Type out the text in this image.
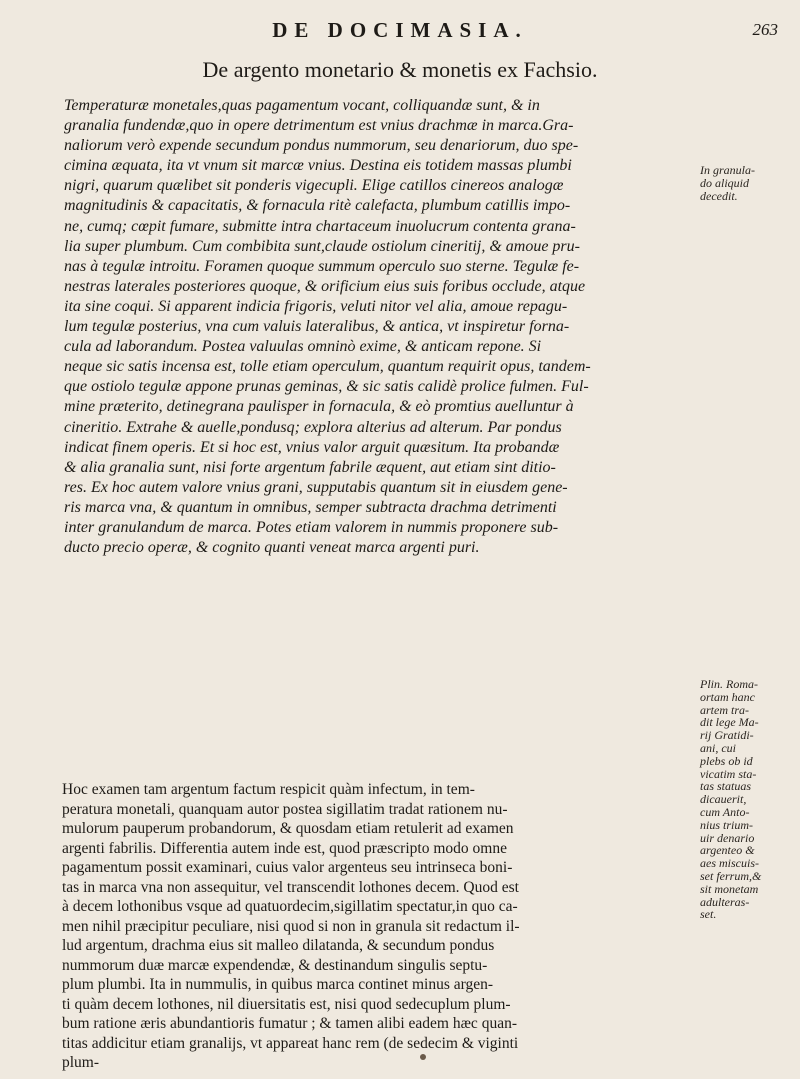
DE DOCIMASIA.	263
De argento monetario & monetis ex Fachsio.
Temperaturæ monetales,quas pagamentum vocant, colliquandæ sunt, & in
granalia fundendæ,quo in opere detrimentum est vnius drachmæ in marca.Gra-
naliorum verò expende secundum pondus nummorum, seu denariorum, duo spe-
cimina æquata, ita vt vnum sit marcæ vnius. Destina eis totidem massas plumbi
nigri, quarum quælibet sit ponderis vigecupli. Elige catillos cinereos analogæ
magnitudinis & capacitatis, & fornacula ritè calefacta, plumbum catillis impo-
ne, cumq; cœpit fumare, submitte intra chartaceum inuolucrum contenta grana-
lia super plumbum. Cum combibita sunt,claude ostiolum cineritij, & amoue pru-
nas à tegulæ introitu. Foramen quoque summum operculo suo sterne. Tegulæ fe-
nestras laterales posteriores quoque, & orificium eius suis foribus occlude, atque
ita sine coqui. Si apparent indicia frigoris, veluti nitor vel alia, amoue repagu-
lum tegulæ posterius, vna cum valuis lateralibus, & antica, vt inspiretur forna-
cula ad laborandum. Postea valuulas omninò exime, & anticam repone. Si
neque sic satis incensa est, tolle etiam operculum, quantum requirit opus, tandem-
que ostiolo tegulæ appone prunas geminas, & sic satis calidè prolice fulmen. Ful-
mine præterito, detinegrana paulisper in fornacula, & eò promtius auelluntur à
cineritio. Extrahe & auelle,pondusq; explora alterius ad alterum. Par pondus
indicat finem operis. Et si hoc est, vnius valor arguit quæsitum. Ita probandæ
& alia granalia sunt, nisi forte argentum fabrile æquent, aut etiam sint ditio-
res. Ex hoc autem valore vnius grani, supputabis quantum sit in eiusdem gene-
ris marca vna, & quantum in omnibus, semper subtracta drachma detrimenti
inter granulandum de marca. Potes etiam valorem in nummis proponere sub-
ducto precio operæ, & cognito quanti veneat marca argenti puri.
Hoc examen tam argentum factum respicit quàm infectum, in tem-
peratura monetali, quanquam autor postea sigillatim tradat rationem nu-
mulorum pauperum probandorum, & quosdam etiam retulerit ad examen
argenti fabrilis. Differentia autem inde est, quod præscripto modo omne
pagamentum possit examinari, cuius valor argenteus seu intrinseca boni-
tas in marca vna non assequitur, vel transcendit lothones decem. Quod est
à decem lothonibus vsque ad quatuordecim,sigillatim spectatur,in quo ca-
men nihil præcipitur peculiare, nisi quod si non in granula sit redactum il-
lud argentum, drachma eius sit malleo dilatanda, & secundum pondus
nummorum duæ marcæ expendendæ, & destinandum singulis septu-
plum plumbi. Ita in nummulis, in quibus marca continet minus argen-
ti quàm decem lothones, nil diuersitatis est, nisi quod sedecuplum plum-
bum ratione æris abundantioris fumatur ; & tamen alibi eadem hæc quan-
titas addicitur etiam granalijs, vt appareat hanc rem (de sedecim & viginti
plum-
In granula-
do aliquid
decedit.
Plin. Roma-
ortam hanc
artem tra-
dit lege Ma-
rij Gratidi-
ani, cui
plebs ob id
vicatim sta-
tas statuas
dicauerit,
cum Anto-
nius trium-
uir denario
argenteo &
aes miscuis-
set ferrum,&
sit monetam
adulteras-
set.
